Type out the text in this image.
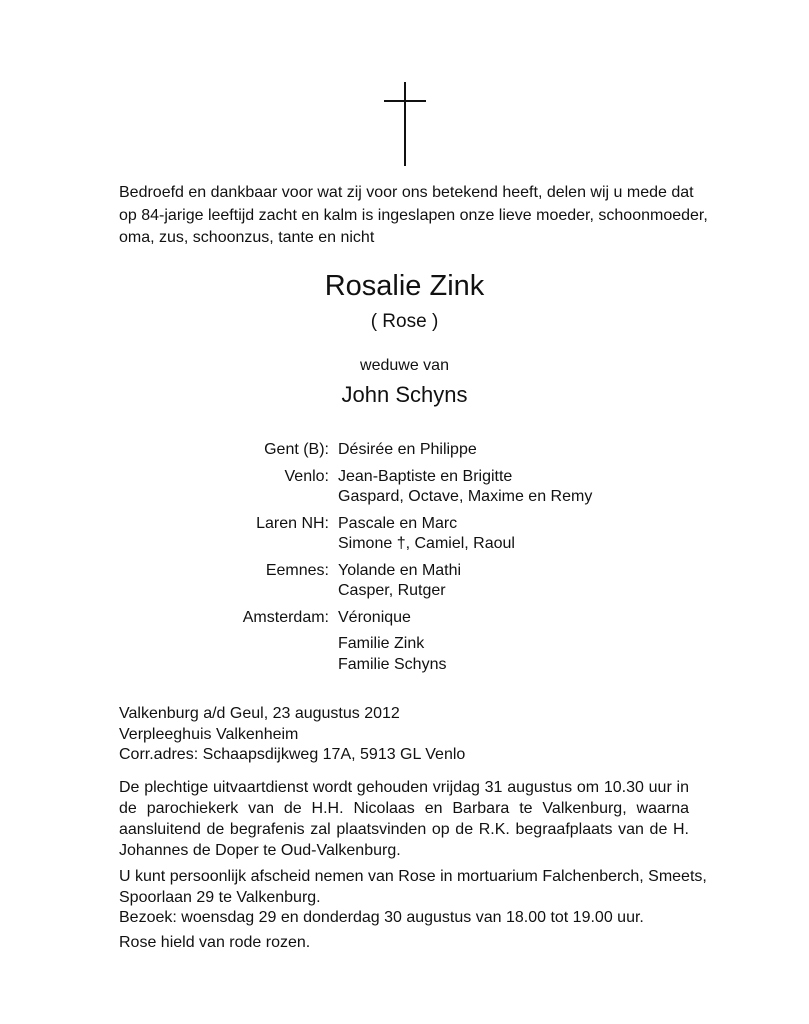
Bedroefd en dankbaar voor wat zij voor ons betekend heeft, delen wij u mede dat
op 84-jarige leeftijd zacht en kalm is ingeslapen onze lieve moeder, schoonmoeder,
oma, zus, schoonzus, tante en nicht
Rosalie Zink
( Rose )
weduwe van
John Schyns
Gent (B): Désirée en Philippe
Venlo: Jean-Baptiste en Brigitte
Gaspard, Octave, Maxime en Remy
Laren NH: Pascale en Marc
Simone †, Camiel, Raoul
Eemnes: Yolande en Mathi
Casper, Rutger
Amsterdam: Véronique
Familie Zink
Familie Schyns
Valkenburg a/d Geul, 23 augustus 2012
Verpleeghuis Valkenheim
Corr.adres: Schaapsdijkweg 17A, 5913 GL Venlo
De plechtige uitvaartdienst wordt gehouden vrijdag 31 augustus om 10.30 uur in de parochiekerk van de H.H. Nicolaas en Barbara te Valkenburg, waarna aansluitend de begrafenis zal plaatsvinden op de R.K. begraafplaats van de H. Johannes de Doper te Oud-Valkenburg.
U kunt persoonlijk afscheid nemen van Rose in mortuarium Falchenberch, Smeets,
Spoorlaan 29 te Valkenburg.
Bezoek: woensdag 29 en donderdag 30 augustus van 18.00 tot 19.00 uur.
Rose hield van rode rozen.
